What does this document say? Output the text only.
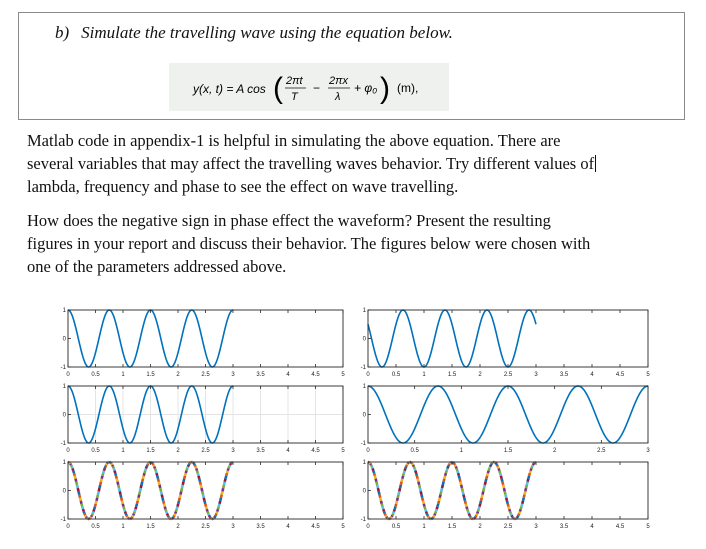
b) Simulate the travelling wave using the equation below.
y(x, t) = A cos ( 2πt
T
− 2πx
λ
+ φ₀ ) (m),
Matlab code in appendix-1 is helpful in simulating the above equation. There are
several variables that may affect the travelling waves behavior. Try different values of
lambda, frequency and phase to see the effect on wave travelling.
How does the negative sign in phase effect the waveform? Present the resulting
figures in your report and discuss their behavior. The figures below were chosen with
one of the parameters addressed above.
0	0.5	1	1.5	2	2.5	3	3.5	4	4.5	5
-1
0
1
0	0.5	1	1.5	2	2.5	3	3.5	4	4.5	5
-1
0
1
0	0.5	1	1.5	2	2.5	3	3.5	4	4.5	5
-1
0
1
0	0.5	1	1.5	2	2.5	3
-1
0
1
0	0.5	1	1.5	2	2.5	3	3.5	4	4.5	5
-1
0
1
0	0.5	1	1.5	2	2.5	3	3.5	4	4.5	5
-1
0
1
